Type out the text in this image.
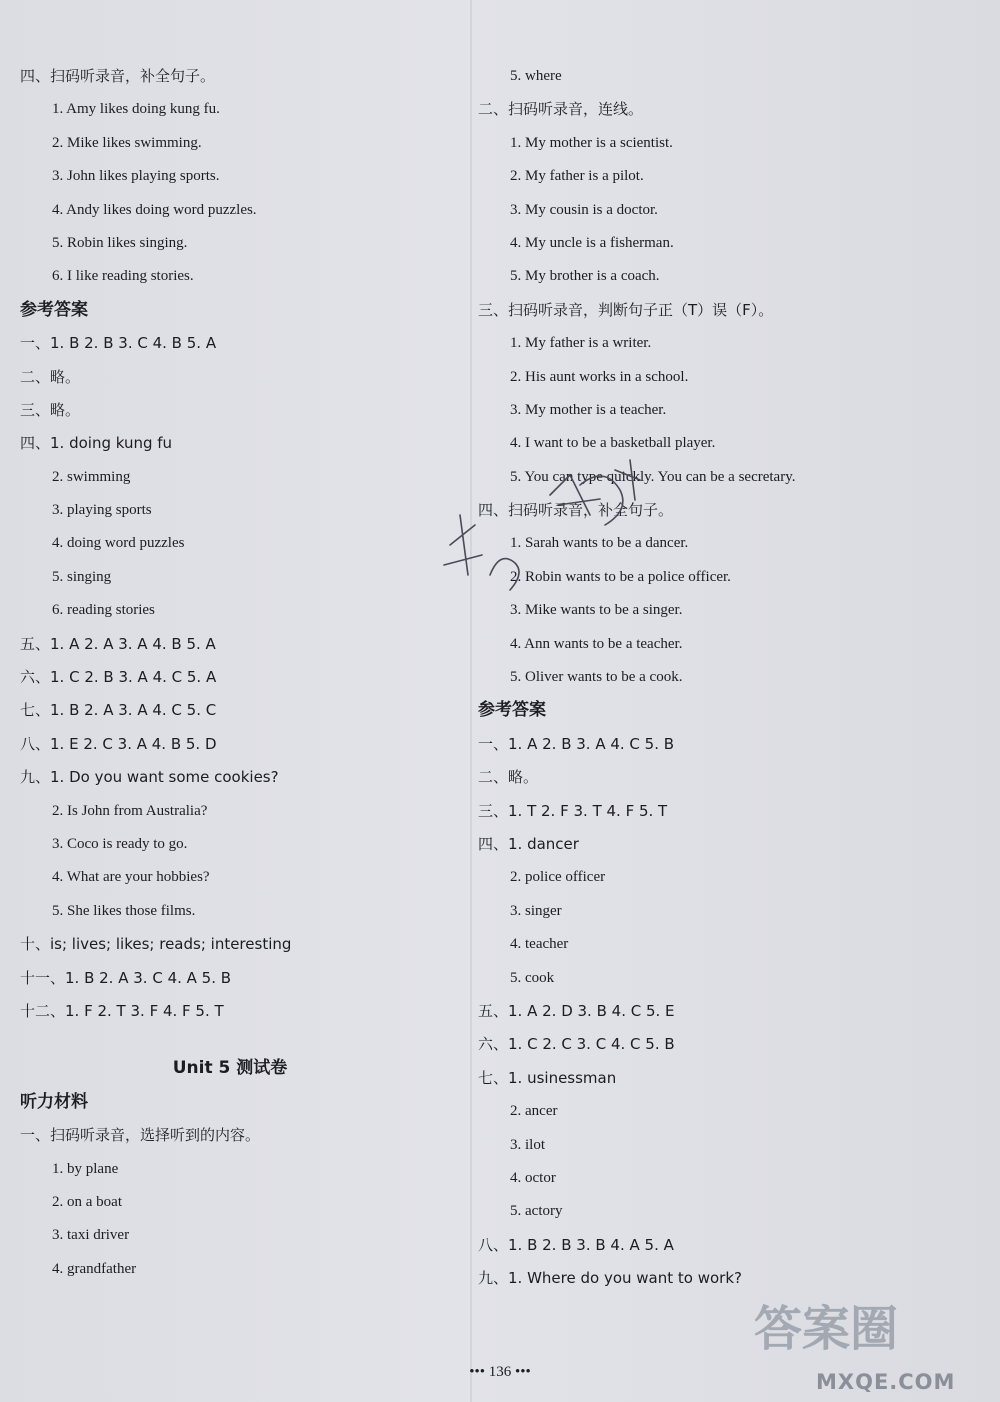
四、扫码听录音，补全句子。
1. Amy likes doing kung fu.
2. Mike likes swimming.
3. John likes playing sports.
4. Andy likes doing word puzzles.
5. Robin likes singing.
6. I like reading stories.
参考答案
一、1. B 2. B 3. C 4. B 5. A
二、略。
三、略。
四、1. doing kung fu
2. swimming
3. playing sports
4. doing word puzzles
5. singing
6. reading stories
五、1. A 2. A 3. A 4. B 5. A
六、1. C 2. B 3. A 4. C 5. A
七、1. B 2. A 3. A 4. C 5. C
八、1. E 2. C 3. A 4. B 5. D
九、1. Do you want some cookies?
2. Is John from Australia?
3. Coco is ready to go.
4. What are your hobbies?
5. She likes those films.
十、is; lives; likes; reads; interesting
十一、1. B 2. A 3. C 4. A 5. B
十二、1. F 2. T 3. F 4. F 5. T
Unit 5 测试卷
听力材料
一、扫码听录音，选择听到的内容。
1. by plane
2. on a boat
3. taxi driver
4. grandfather
5. where
二、扫码听录音，连线。
1. My mother is a scientist.
2. My father is a pilot.
3. My cousin is a doctor.
4. My uncle is a fisherman.
5. My brother is a coach.
三、扫码听录音，判断句子正（T）误（F）。
1. My father is a writer.
2. His aunt works in a school.
3. My mother is a teacher.
4. I want to be a basketball player.
5. You can type quickly. You can be a secretary.
四、扫码听录音，补全句子。
1. Sarah wants to be a dancer.
2. Robin wants to be a police officer.
3. Mike wants to be a singer.
4. Ann wants to be a teacher.
5. Oliver wants to be a cook.
参考答案
一、1. A 2. B 3. A 4. C 5. B
二、略。
三、1. T 2. F 3. T 4. F 5. T
四、1. dancer
2. police officer
3. singer
4. teacher
5. cook
五、1. A 2. D 3. B 4. C 5. E
六、1. C 2. C 3. C 4. C 5. B
七、1. usinessman
2. ancer
3. ilot
4. octor
5. actory
八、1. B 2. B 3. B 4. A 5. A
九、1. Where do you want to work?
••• 136 •••
答案圈
MXQE.COM
